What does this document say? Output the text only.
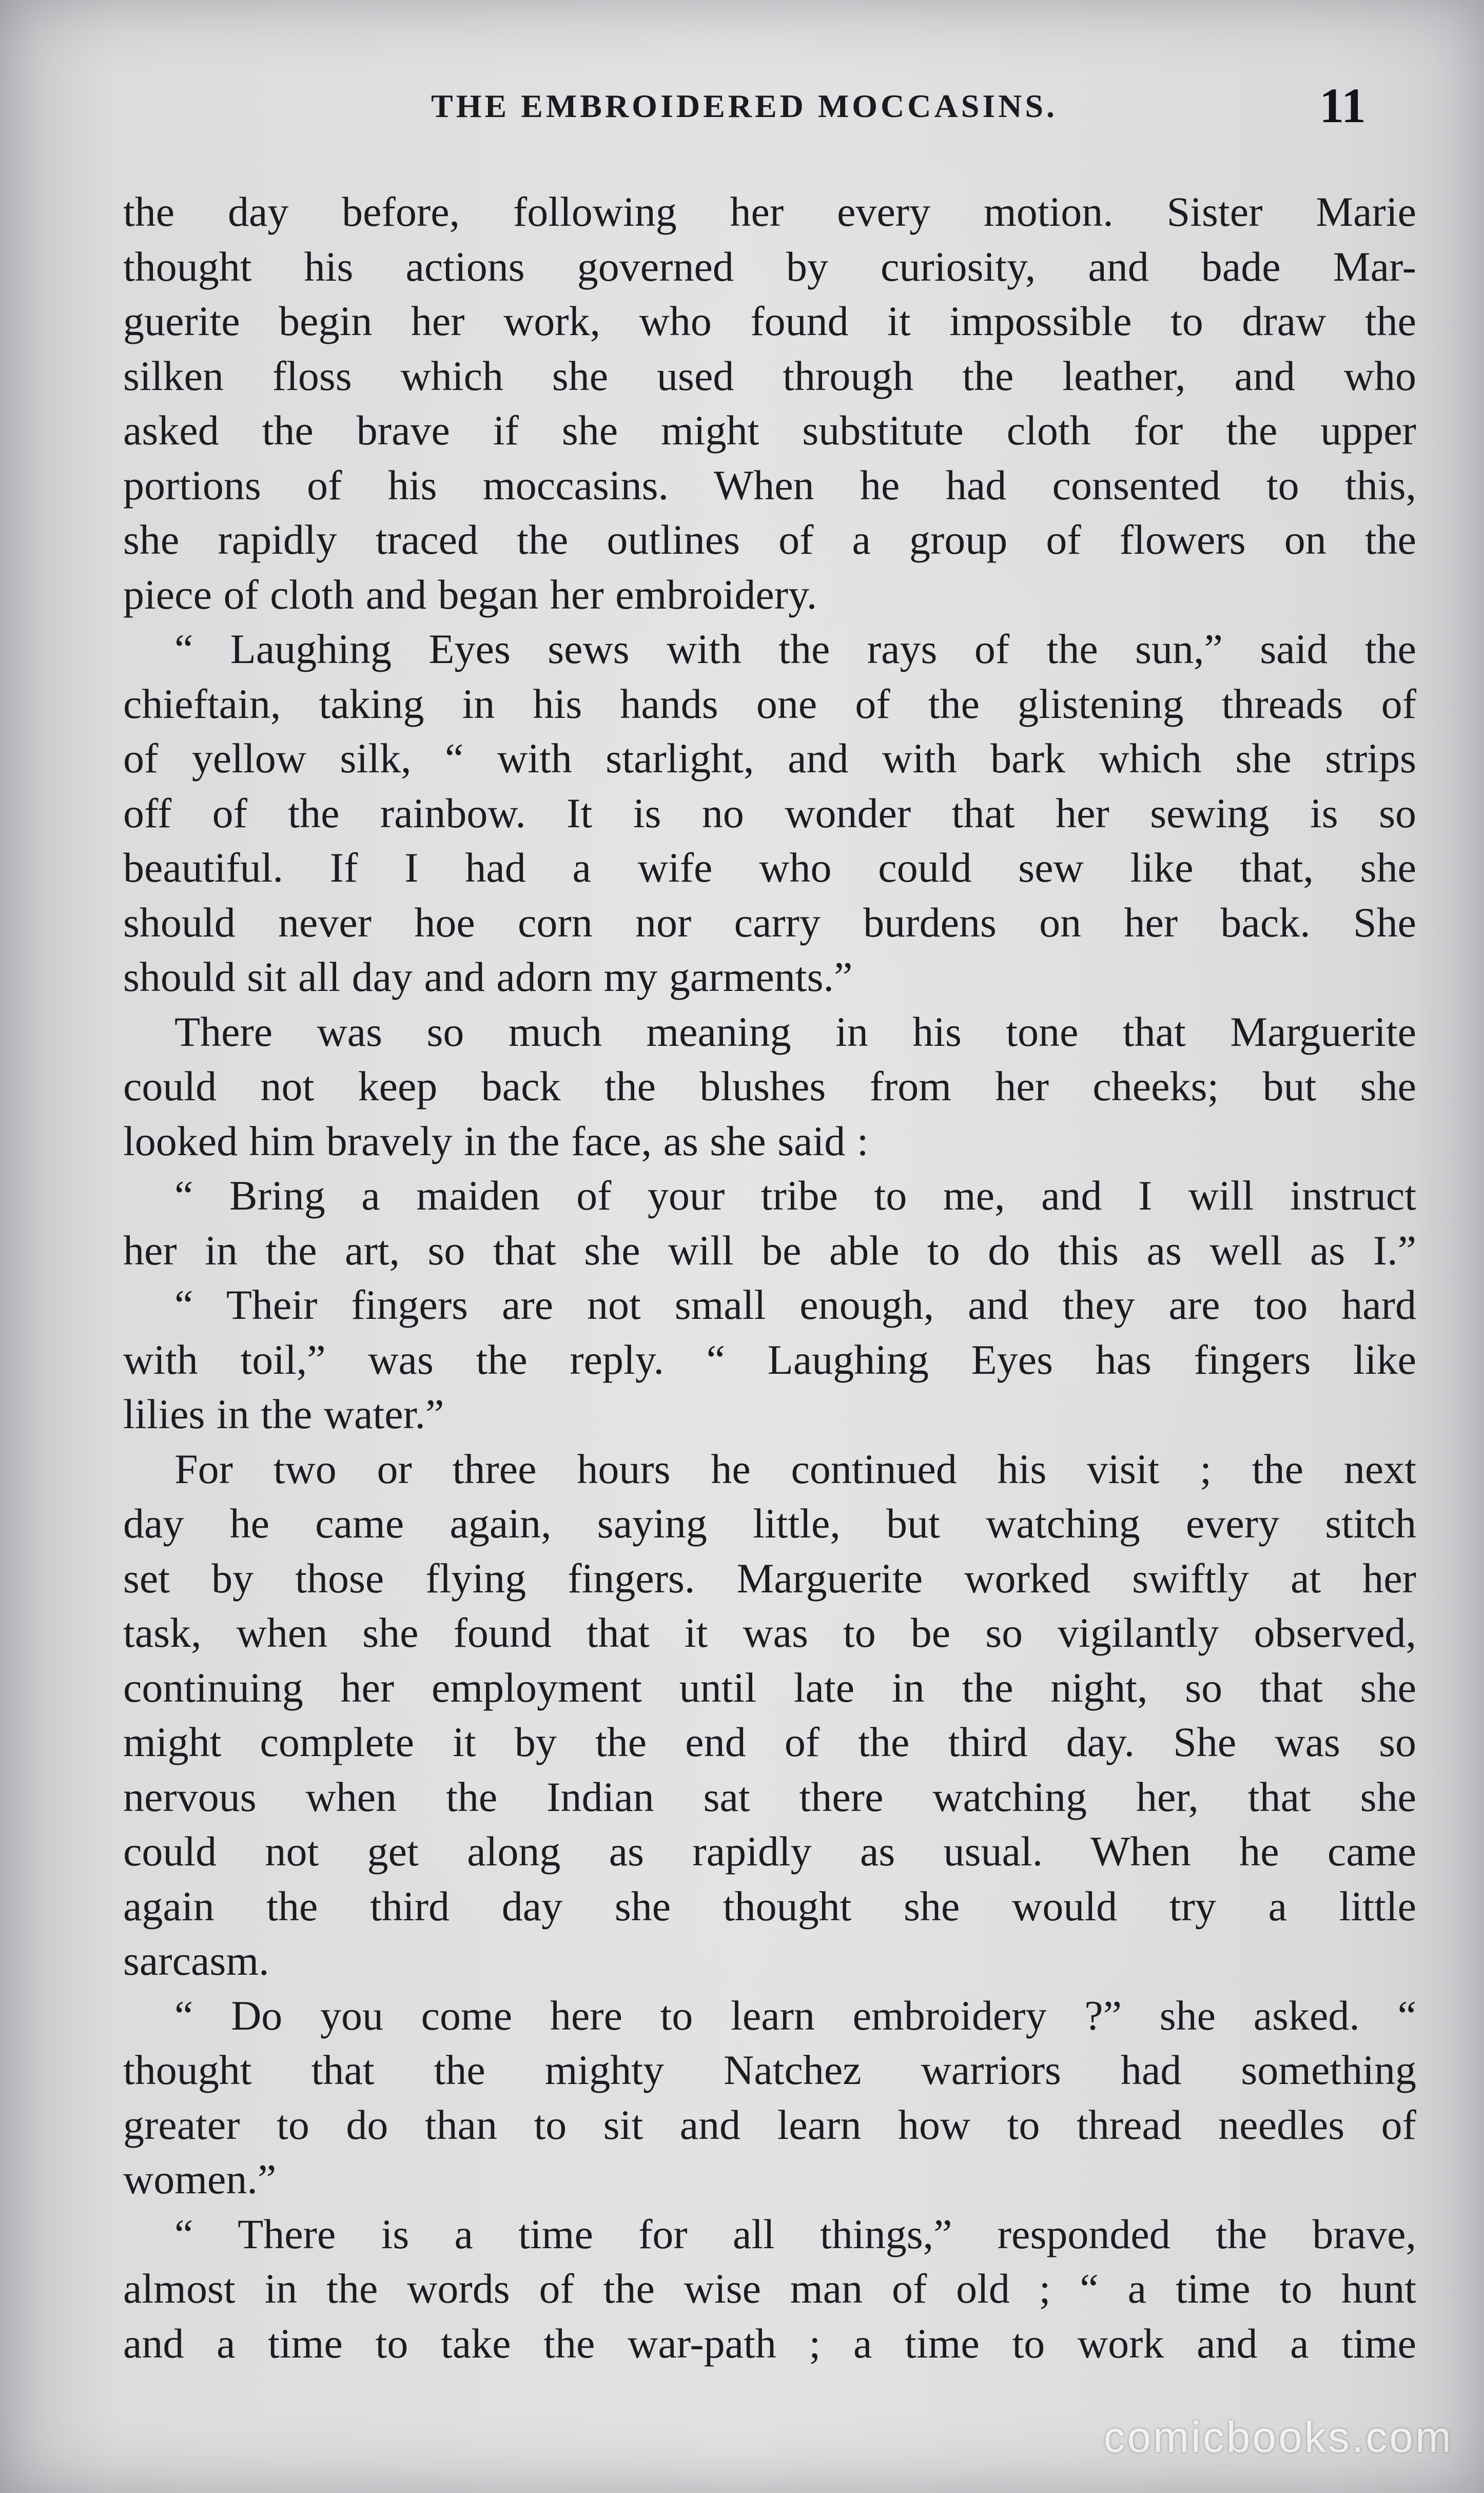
THE EMBROIDERED MOCCASINS.	11

the day before, following her every motion. Sister Marie

thought his actions governed by curiosity, and bade Mar-

guerite begin her work, who found it impossible to draw the

silken floss which she used through the leather, and who

asked the brave if she might substitute cloth for the upper

portions of his moccasins. When he had consented to this,

she rapidly traced the outlines of a group of flowers on the

piece of cloth and began her embroidery.

“ Laughing Eyes sews with the rays of the sun,” said the

chieftain, taking in his hands one of the glistening threads of

of yellow silk, “ with starlight, and with bark which she strips

off of the rainbow. It is no wonder that her sewing is so

beautiful. If I had a wife who could sew like that, she

should never hoe corn nor carry burdens on her back. She

should sit all day and adorn my garments.”

There was so much meaning in his tone that Marguerite

could not keep back the blushes from her cheeks; but she

looked him bravely in the face, as she said :

“ Bring a maiden of your tribe to me, and I will instruct

her in the art, so that she will be able to do this as well as I.”

“ Their fingers are not small enough, and they are too hard

with toil,” was the reply. “ Laughing Eyes has fingers like

lilies in the water.”

For two or three hours he continued his visit ; the next

day he came again, saying little, but watching every stitch

set by those flying fingers. Marguerite worked swiftly at her

task, when she found that it was to be so vigilantly observed,

continuing her employment until late in the night, so that she

might complete it by the end of the third day. She was so

nervous when the Indian sat there watching her, that she

could not get along as rapidly as usual. When he came

again the third day she thought she would try a little

sarcasm.

“ Do you come here to learn embroidery ?” she asked. “

thought that the mighty Natchez warriors had something

greater to do than to sit and learn how to thread needles of

women.”

“ There is a time for all things,” responded the brave,

almost in the words of the wise man of old ; “ a time to hunt

and a time to take the war-path ; a time to work and a time

comicbooks.com
